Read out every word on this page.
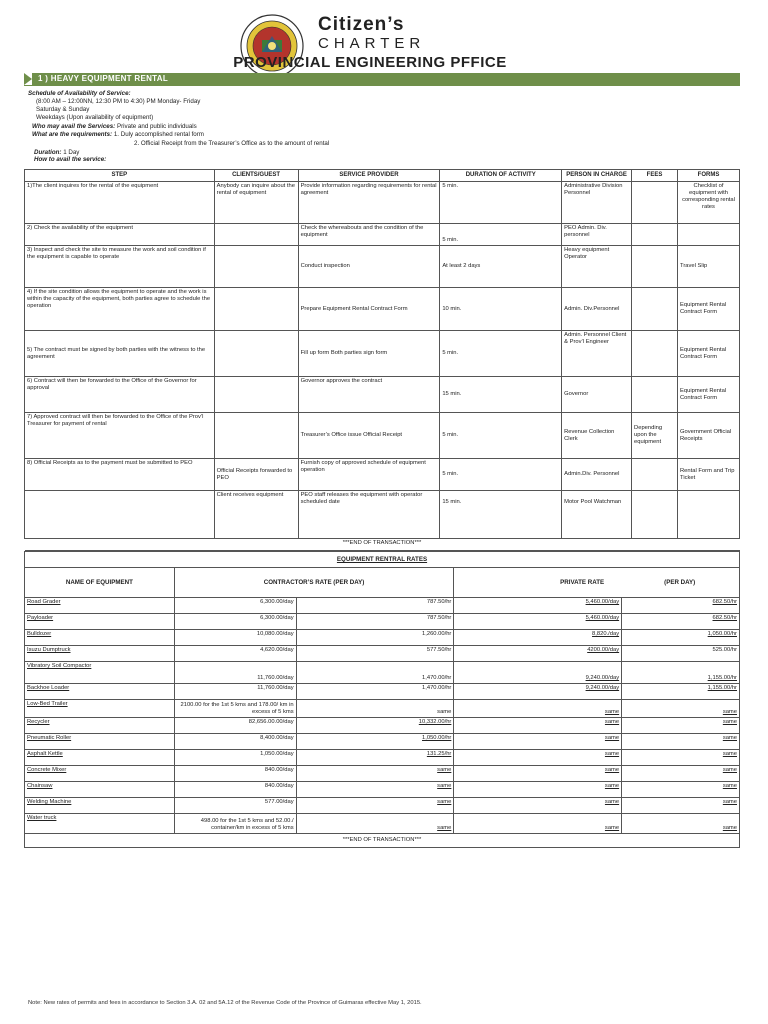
Citizen’s
CHARTER
PROVINCIAL ENGINEERING PFFICE
1 ) HEAVY EQUIPMENT RENTAL
Schedule of Availability of Service:
(8:00 AM – 12:00NN, 12:30 PM to 4:30) PM Monday- Friday
Saturday & Sunday
Weekdays (Upon availability of equipment)
Who may avail the Services: Private and public individuals
What are the requirements: 1. Duly accomplished rental form
2. Official Receipt from the Treasurer’s Office as to the amount of rental
Duration: 1 Day
How to avail the service:
STEP	CLIENTS/GUEST	SERVICE PROVIDER	DURATION OF ACTIVITY	PERSON IN CHARGE	FEES	FORMS
1)The client inquires for the rental of the equipment	Anybody can inquire about the rental of equipment	Provide information regarding requirements for rental agreement	5 min.	Administrative Division Personnel		Checklist of equipment with corresponding rental rates
2) Check the availability of the equipment		Check the whereabouts and the condition of the equipment	5 min.	PEO Admin. Div. personnel		
3) Inspect and check the site to measure the work and soil condition if the equipment is capable to operate		Conduct inspection	At least 2 days	Heavy equipment Operator		Travel Slip
4) If the site condition allows the equipment to operate and the work is within the capacity of the equipment, both parties agree to schedule the operation		Prepare Equipment Rental Contract Form	10 min.	Admin. Div.Personnel		Equipment Rental Contract Form
5) The contract must be signed by both parties with the witness to the agreement		Fill up form Both parties sign form	5 min.	Admin. Personnel Client & Prov’l Engineer		Equipment Rental Contract Form
6) Contract will then be forwarded to the Office of the Governor for approval		Governor approves the contract	15 min.	Governor		Equipment Rental Contract Form
7) Approved contract will then be forwarded to the Office of the Prov’l Treasurer for payment of rental		Treasurer’s Office issue Official Receipt	5 min.	Revenue Collection Clerk	Depending upon the equipment	Government Official Receipts
8) Official Receipts as to the payment must be submitted to PEO	Official Receipts forwarded to PEO	Furnish copy of approved schedule of equipment operation	5 min.	Admin.Div. Personnel		Rental Form and Trip Ticket
	Client receives equipment	PEO staff releases the equipment with operator scheduled date	15 min.	Motor Pool Watchman		
***END OF TRANSACTION***						
EQUIPMENT RENTRAL RATES				
NAME OF EQUIPMENT	CONTRACTOR’S RATE (PER DAY)		PRIVATE RATE (PER DAY)	
Road Grader	6,300.00/day	787.50/hr	5,460.00/day	682.50/hr
Payloader	6,300.00/day	787.50/hr	5,460.00/day	682.50/hr
Bulldozer	10,080.00/day	1,260.00/hr	8,820./day	1,050.00/hr
Isuzu Dumptruck	4,620.00/day	577.50/hr	4200.00/day	525.00/hr
Vibratory Soil Compactor	11,760.00/day	1,470.00/hr	9,240.00/day	1,155.00/hr
Backhoe Loader	11,760.00/day	1,470.00/hr	9,240.00/day	1,155.00/hr
Low-Bed Trailer	2100.00 for the 1st 5 kms and 178.00/ km in excess of 5 kms	same	same	same
Recycler	82,656.00.00/day	10,332.00/hr	same	same
Pneumatic Roller	8,400.00/day	1,050.00/hr	same	same
Asphalt Kettle	1,050.00/day	131.25/hr	same	same
Concrete Mixer	840.00/day	same	same	same
Chainsaw	840.00/day	same	same	same
Welding Machine	577.00/day	same	same	same
Water truck	498.00 for the 1st 5 kms and 52.00./ container/km in excess of 5 kms	same	same	same
***END OF TRANSACTION***				
Note: New rates of permits and fees in accordance to Section 3.A. 02 and 5A.12 of the Revenue Code of the Province of Guimaras effective May 1, 2015.
